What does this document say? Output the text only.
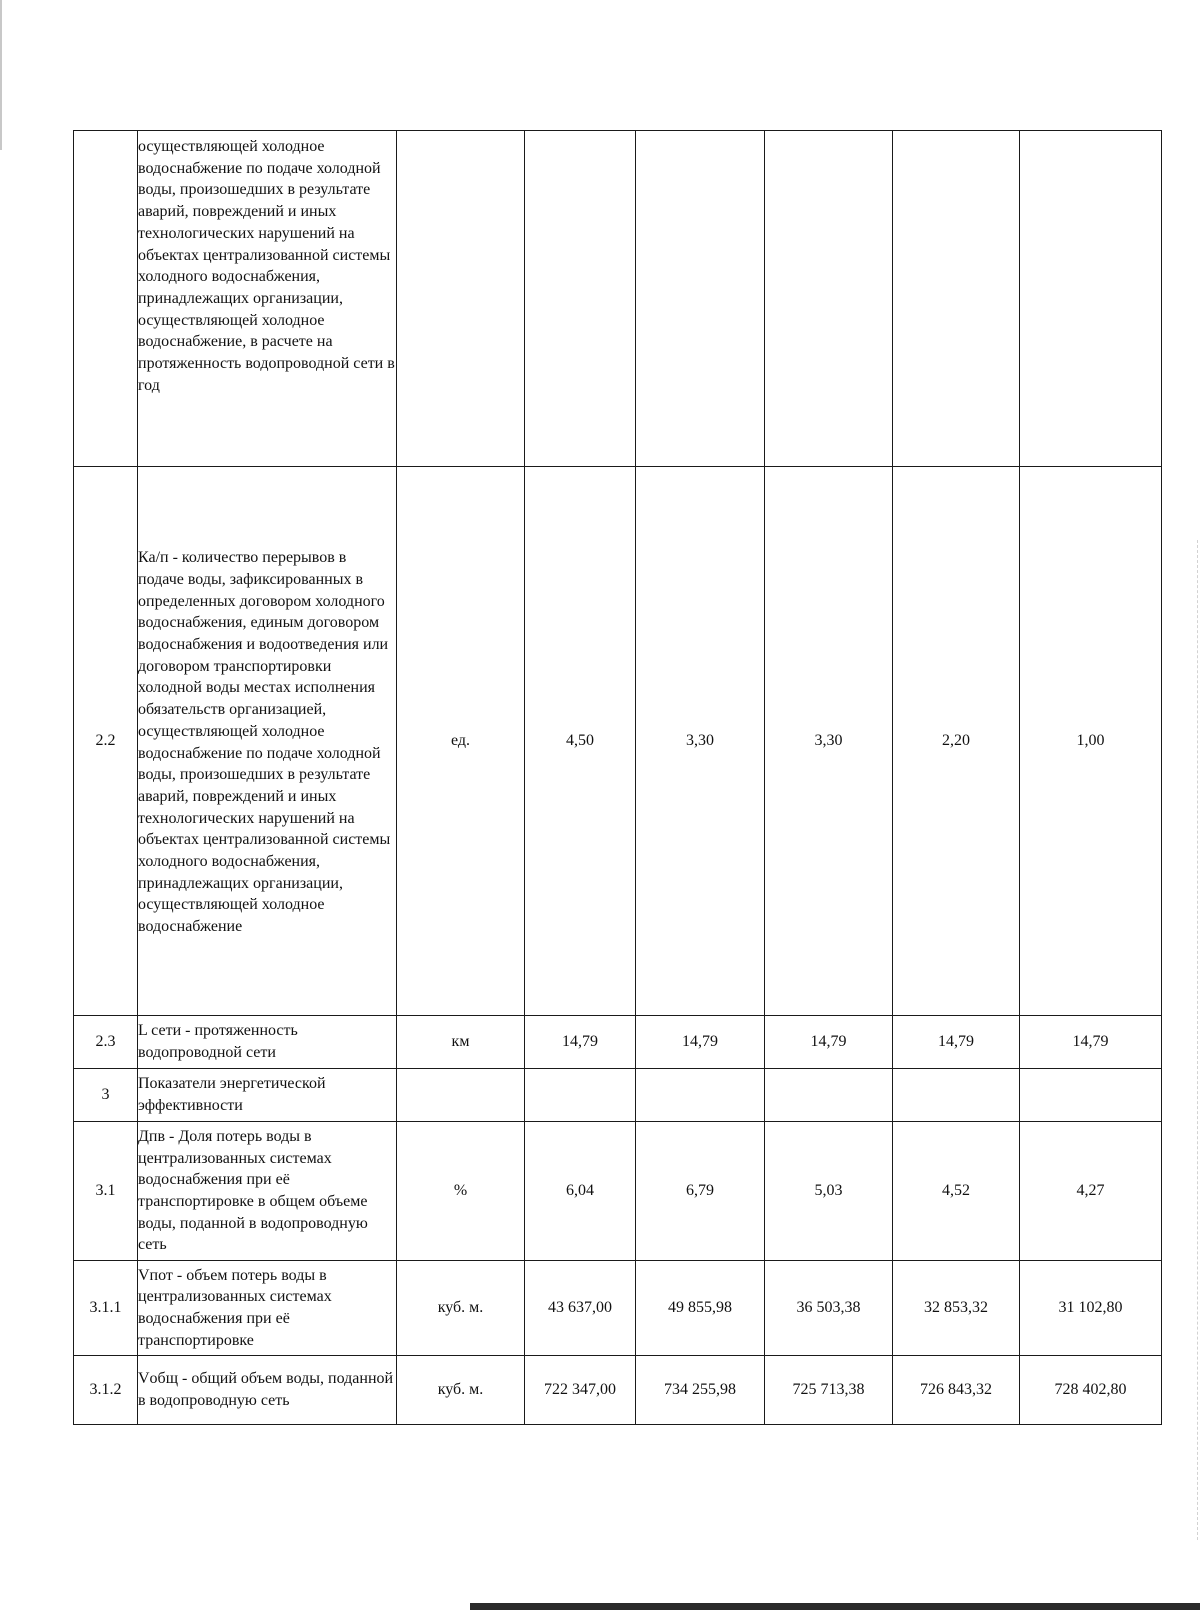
	осуществляющей холодное водоснабжение по подаче холодной воды, произошедших в результате аварий, повреждений и иных технологических нарушений на объектах централизованной системы холодного водоснабжения, принадлежащих организации, осуществляющей холодное водоснабжение, в расчете на протяженность водопроводной сети в год						
2.2	Ка/п - количество перерывов в подаче воды, зафиксированных в определенных договором холодного водоснабжения, единым договором водоснабжения и водоотведения или договором транспортировки холодной воды местах исполнения обязательств организацией, осуществляющей холодное водоснабжение по подаче холодной воды, произошедших в результате аварий, повреждений и иных технологических нарушений на объектах централизованной системы холодного водоснабжения, принадлежащих организации, осуществляющей холодное водоснабжение	ед.	4,50	3,30	3,30	2,20	1,00
2.3	L сети - протяженность водопроводной сети	км	14,79	14,79	14,79	14,79	14,79
3	Показатели энергетической эффективности						
3.1	Дпв - Доля потерь воды в централизованных системах водоснабжения при её транспортировке в общем объеме воды, поданной в водопроводную сеть	%	6,04	6,79	5,03	4,52	4,27
3.1.1	Vпот - объем потерь воды в централизованных системах водоснабжения при её транспортировке	куб. м.	43 637,00	49 855,98	36 503,38	32 853,32	31 102,80
3.1.2	Vобщ - общий объем воды, поданной в водопроводную сеть	куб. м.	722 347,00	734 255,98	725 713,38	726 843,32	728 402,80
